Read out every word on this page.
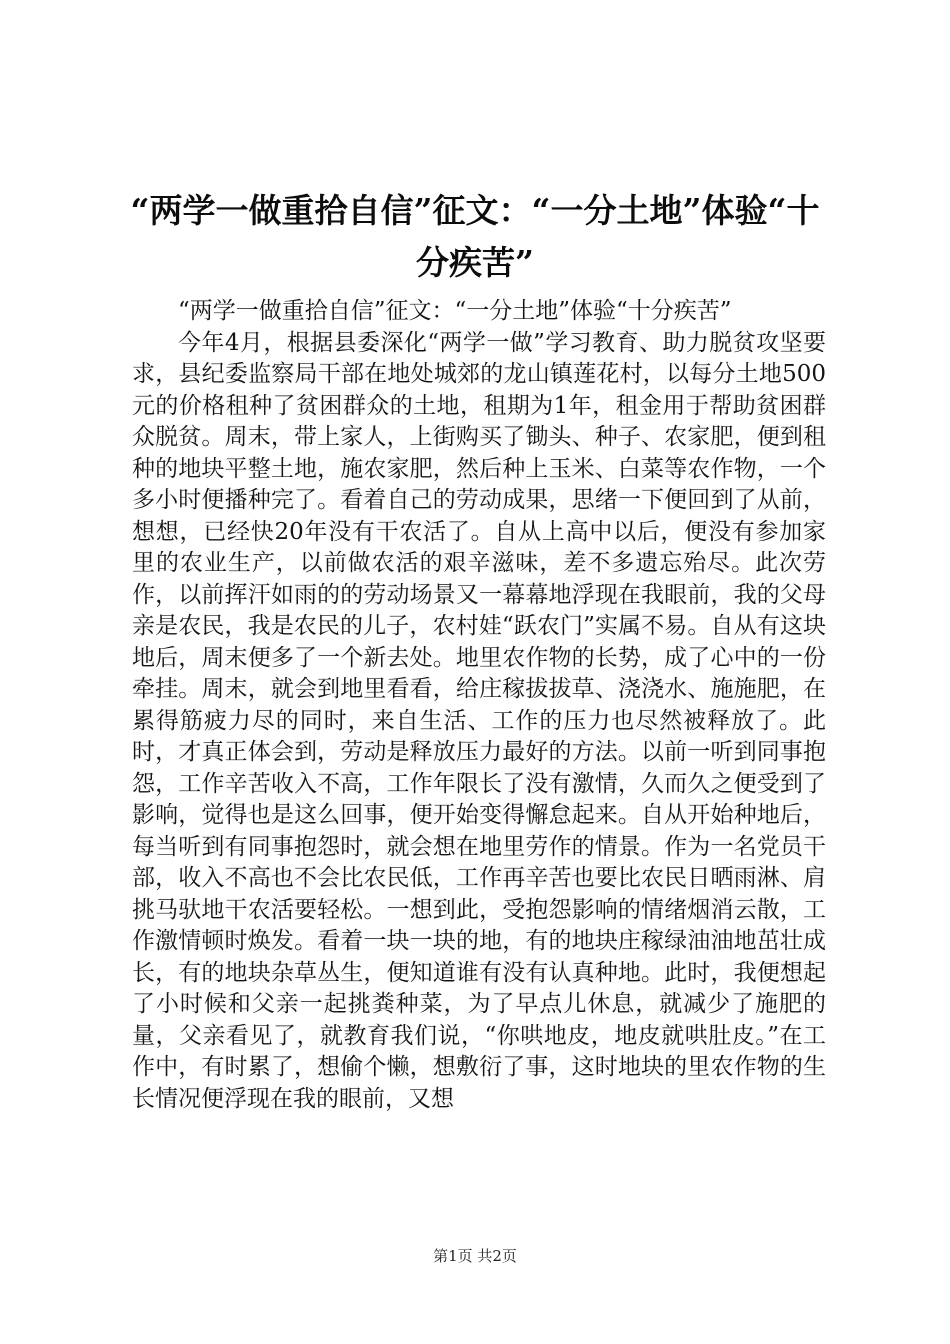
“两学一做重拾自信”征文：“一分土地”体验“十分疾苦”

“两学一做重拾自信”征文：“一分土地”体验“十分疾苦”

今年4月，根据县委深化“两学一做”学习教育、助力脱贫攻坚要求，县纪委监察局干部在地处城郊的龙山镇莲花村，以每分土地500元的价格租种了贫困群众的土地，租期为1年，租金用于帮助贫困群众脱贫。周末，带上家人，上街购买了锄头、种子、农家肥，便到租种的地块平整土地，施农家肥，然后种上玉米、白菜等农作物，一个多小时便播种完了。看着自己的劳动成果，思绪一下便回到了从前，想想，已经快20年没有干农活了。自从上高中以后，便没有参加家里的农业生产，以前做农活的艰辛滋味，差不多遗忘殆尽。此次劳作，以前挥汗如雨的的劳动场景又一幕幕地浮现在我眼前，我的父母亲是农民，我是农民的儿子，农村娃“跃农门”实属不易。自从有这块地后，周末便多了一个新去处。地里农作物的长势，成了心中的一份牵挂。周末，就会到地里看看，给庄稼拔拔草、浇浇水、施施肥，在累得筋疲力尽的同时，来自生活、工作的压力也尽然被释放了。此时，才真正体会到，劳动是释放压力最好的方法。以前一听到同事抱怨，工作辛苦收入不高，工作年限长了没有激情，久而久之便受到了影响，觉得也是这么回事，便开始变得懈怠起来。自从开始种地后，每当听到有同事抱怨时，就会想在地里劳作的情景。作为一名党员干部，收入不高也不会比农民低，工作再辛苦也要比农民日晒雨淋、肩挑马驮地干农活要轻松。一想到此，受抱怨影响的情绪烟消云散，工作激情顿时焕发。看着一块一块的地，有的地块庄稼绿油油地茁壮成长，有的地块杂草丛生，便知道谁有没有认真种地。此时，我便想起了小时候和父亲一起挑粪种菜，为了早点儿休息，就减少了施肥的量，父亲看见了，就教育我们说，“你哄地皮，地皮就哄肚皮。”在工作中，有时累了，想偷个懒，想敷衍了事，这时地块的里农作物的生长情况便浮现在我的眼前，又想

第1页 共2页
